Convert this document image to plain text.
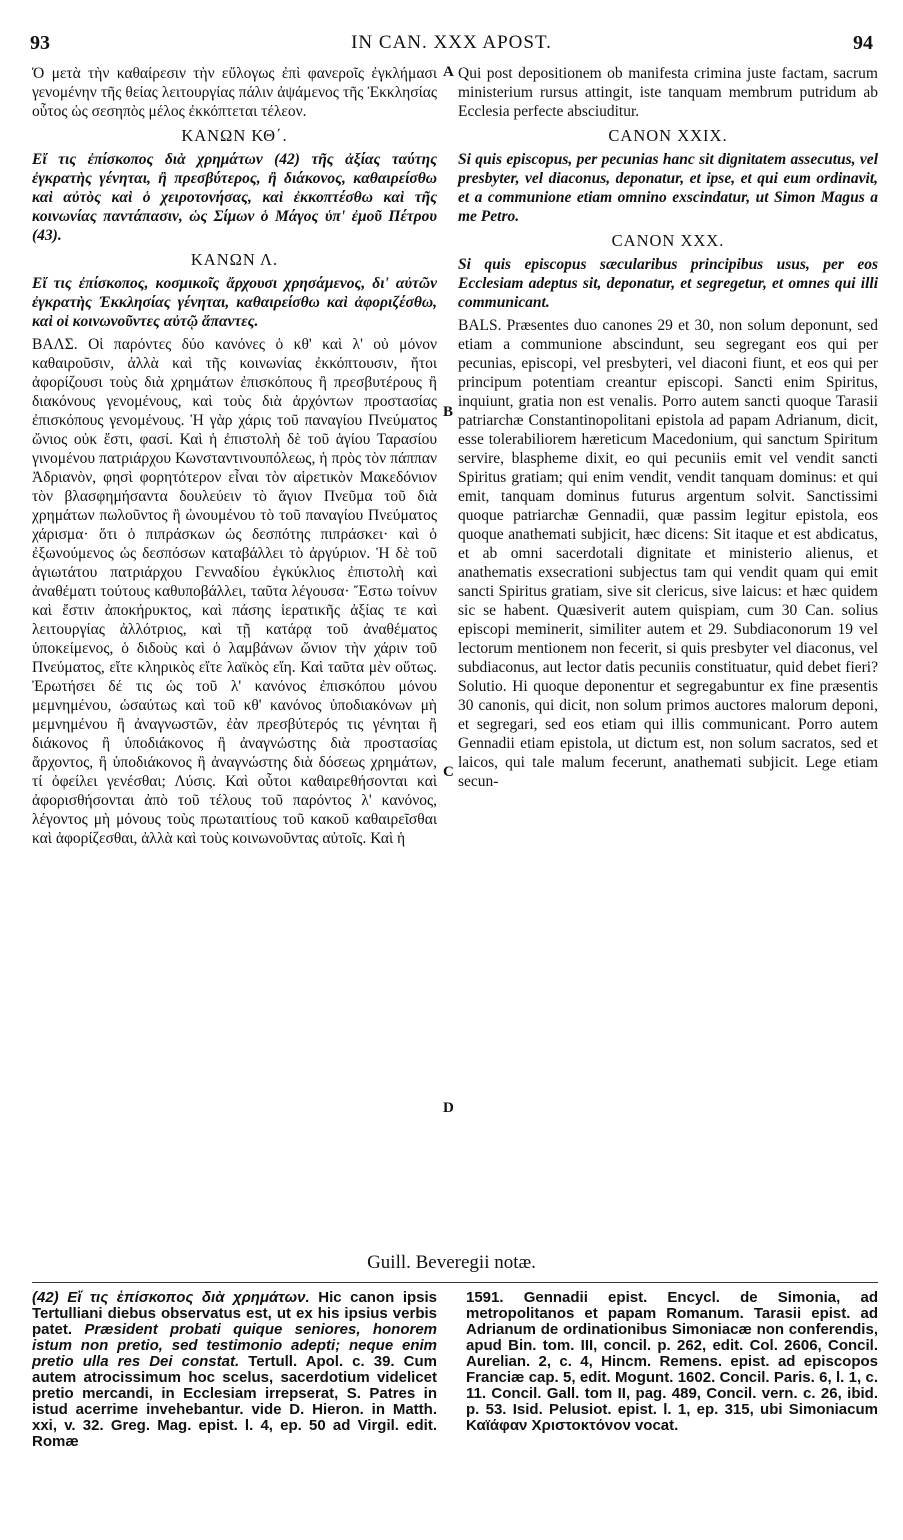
93	IN CAN. XXX APOST.	94

Ὁ μετὰ τὴν καθαίρεσιν τὴν εὔλογως ἐπὶ φανεροῖς ἐγκλήμασι γενομένην τῆς θείας λειτουργίας πάλιν ἀψάμενος τῆς Ἐκκλησίας οὗτος ὡς σεσηπὸς μέλος ἐκκόπτεται τέλεον.

ΚΑΝΩΝ ΚΘ΄.

Εἴ τις ἐπίσκοπος διὰ χρημάτων (42) τῆς ἀξίας ταύτης ἐγκρατὴς γένηται, ἢ πρεσβύτερος, ἢ διάκονος, καθαιρείσθω καὶ αὐτὸς καὶ ὁ χειροτονήσας, καὶ ἐκκοπτέσθω καὶ τῆς κοινωνίας παντάπασιν, ὡς Σίμων ὁ Μάγος ὑπ' ἐμοῦ Πέτρου (43).

ΚΑΝΩΝ Λ.

Εἴ τις ἐπίσκοπος, κοσμικοῖς ἄρχουσι χρησάμενος, δι' αὐτῶν ἐγκρατὴς Ἐκκλησίας γένηται, καθαιρείσθω καὶ ἀφοριζέσθω, καὶ οἱ κοινωνοῦντες αὐτῷ ἅπαντες.

ΒΑΛΣ. Οἱ παρόντες δύο κανόνες ὁ κθ' καὶ λ' οὐ μόνον καθαιροῦσιν, ἀλλὰ καὶ τῆς κοινωνίας ἐκκόπτουσιν, ἤτοι ἀφορίζουσι τοὺς διὰ χρημάτων ἐπισκόπους ἢ πρεσβυτέρους ἢ διακόνους γενομένους, καὶ τοὺς διὰ ἀρχόντων προστασίας ἐπισκόπους γενομένους. Ἡ γὰρ χάρις τοῦ παναγίου Πνεύματος ὤνιος οὐκ ἔστι, φασί. Καὶ ἡ ἐπιστολὴ δὲ τοῦ ἁγίου Ταρασίου γινομένου πατριάρχου Κωνσταντινουπόλεως, ἡ πρὸς τὸν πάππαν Ἀδριανὸν, φησὶ φορητότερον εἶναι τὸν αἱρετικὸν Μακεδόνιον τὸν βλασφημήσαντα δουλεύειν τὸ ἅγιον Πνεῦμα τοῦ διὰ χρημάτων πωλοῦντος ἢ ὠνουμένου τὸ τοῦ παναγίου Πνεύματος χάρισμα· ὅτι ὁ πιπράσκων ὡς δεσπότης πιπράσκει· καὶ ὁ ἐξωνούμενος ὡς δεσπόσων καταβάλλει τὸ ἀργύριον. Ἡ δὲ τοῦ ἁγιωτάτου πατριάρχου Γενναδίου ἐγκύκλιος ἐπιστολὴ καὶ ἀναθέματι τούτους καθυποβάλλει, ταῦτα λέγουσα· Ἔστω τοίνυν καὶ ἔστιν ἀποκήρυκτος, καὶ πάσης ἱερατικῆς ἀξίας τε καὶ λειτουργίας ἀλλότριος, καὶ τῇ κατάρᾳ τοῦ ἀναθέματος ὑποκείμενος, ὁ διδοὺς καὶ ὁ λαμβάνων ὤνιον τὴν χάριν τοῦ Πνεύματος, εἴτε κληρικὸς εἴτε λαϊκὸς εἴη. Καὶ ταῦτα μὲν οὕτως. Ἐρωτήσει δέ τις ὡς τοῦ λ' κανόνος ἐπισκόπου μόνου μεμνημένου, ὡσαύτως καὶ τοῦ κθ' κανόνος ὑποδιακόνων μὴ μεμνημένου ἢ ἀναγνωστῶν, ἐὰν πρεσβύτερός τις γένηται ἢ διάκονος ἢ ὑποδιάκονος ἢ ἀναγνώστης διὰ προστασίας ἄρχοντος, ἢ ὑποδιάκονος ἢ ἀναγνώστης διὰ δόσεως χρημάτων, τί ὀφείλει γενέσθαι; Λύσις. Καὶ οὗτοι καθαιρεθήσονται καὶ ἀφορισθήσονται ἀπὸ τοῦ τέλους τοῦ παρόντος λ' κανόνος, λέγοντος μὴ μόνους τοὺς πρωταιτίους τοῦ κακοῦ καθαιρεῖσθαι καὶ ἀφορίζεσθαι, ἀλλὰ καὶ τοὺς κοινωνοῦντας αὐτοῖς. Καὶ ἡ

A
B
C
D

Qui post depositionem ob manifesta crimina juste factam, sacrum ministerium rursus attingit, iste tanquam membrum putridum ab Ecclesia perfecte absciuditur.

CANON XXIX.

Si quis episcopus, per pecunias hanc sit dignitatem assecutus, vel presbyter, vel diaconus, deponatur, et ipse, et qui eum ordinavit, et a communione etiam omnino exscindatur, ut Simon Magus a me Petro.

CANON XXX.

Si quis episcopus sæcularibus principibus usus, per eos Ecclesiam adeptus sit, deponatur, et segregetur, et omnes qui illi communicant.

BALS. Præsentes duo canones 29 et 30, non solum deponunt, sed etiam a communione abscindunt, seu segregant eos qui per pecunias, episcopi, vel presbyteri, vel diaconi fiunt, et eos qui per principum potentiam creantur episcopi. Sancti enim Spiritus, inquiunt, gratia non est venalis. Porro autem sancti quoque Tarasii patriarchæ Constantinopolitani epistola ad papam Adrianum, dicit, esse tolerabiliorem hæreticum Macedonium, qui sanctum Spiritum servire, blaspheme dixit, eo qui pecuniis emit vel vendit sancti Spiritus gratiam; qui enim vendit, vendit tanquam dominus: et qui emit, tanquam dominus futurus argentum solvit. Sanctissimi quoque patriarchæ Gennadii, quæ passim legitur epistola, eos quoque anathemati subjicit, hæc dicens: Sit itaque et est abdicatus, et ab omni sacerdotali dignitate et ministerio alienus, et anathematis exsecrationi subjectus tam qui vendit quam qui emit sancti Spiritus gratiam, sive sit clericus, sive laicus: et hæc quidem sic se habent. Quæsiverit autem quispiam, cum 30 Can. solius episcopi meminerit, similiter autem et 29. Subdiaconorum 19 vel lectorum mentionem non fecerit, si quis presbyter vel diaconus, vel subdiaconus, aut lector datis pecuniis constituatur, quid debet fieri? Solutio. Hi quoque deponentur et segregabuntur ex fine præsentis 30 canonis, qui dicit, non solum primos auctores malorum deponi, et segregari, sed eos etiam qui illis communicant. Porro autem Gennadii etiam epistola, ut dictum est, non solum sacratos, sed et laicos, qui tale malum fecerunt, anathemati subjicit. Lege etiam secun-

Guill. Beveregii notæ.

(42) Εἴ τις ἐπίσκοπος διὰ χρημάτων. Hic canon ipsis Tertulliani diebus observatus est, ut ex his ipsius verbis patet. Præsident probati quique seniores, honorem istum non pretio, sed testimonio adepti; neque enim pretio ulla res Dei constat. Tertull. Apol. c. 39. Cum autem atrocissimum hoc scelus, sacerdotium videlicet pretio mercandi, in Ecclesiam irrepserat, S. Patres in istud acerrime invehebantur. vide D. Hieron. in Matth. xxi, v. 32. Greg. Mag. epist. l. 4, ep. 50 ad Virgil. edit. Romæ

1591. Gennadii epist. Encycl. de Simonia, ad metropolitanos et papam Romanum. Tarasii epist. ad Adrianum de ordinationibus Simoniacæ non conferendis, apud Bin. tom. III, concil. p. 262, edit. Col. 2606, Concil. Aurelian. 2, c. 4, Hincm. Remens. epist. ad episcopos Franciæ cap. 5, edit. Mogunt. 1602. Concil. Paris. 6, l. 1, c. 11. Concil. Gall. tom II, pag. 489, Concil. vern. c. 26, ibid. p. 53. Isid. Pelusiot. epist. l. 1, ep. 315, ubi Simoniacum Καϊάφαν Χριστοκτόνον vocat.
